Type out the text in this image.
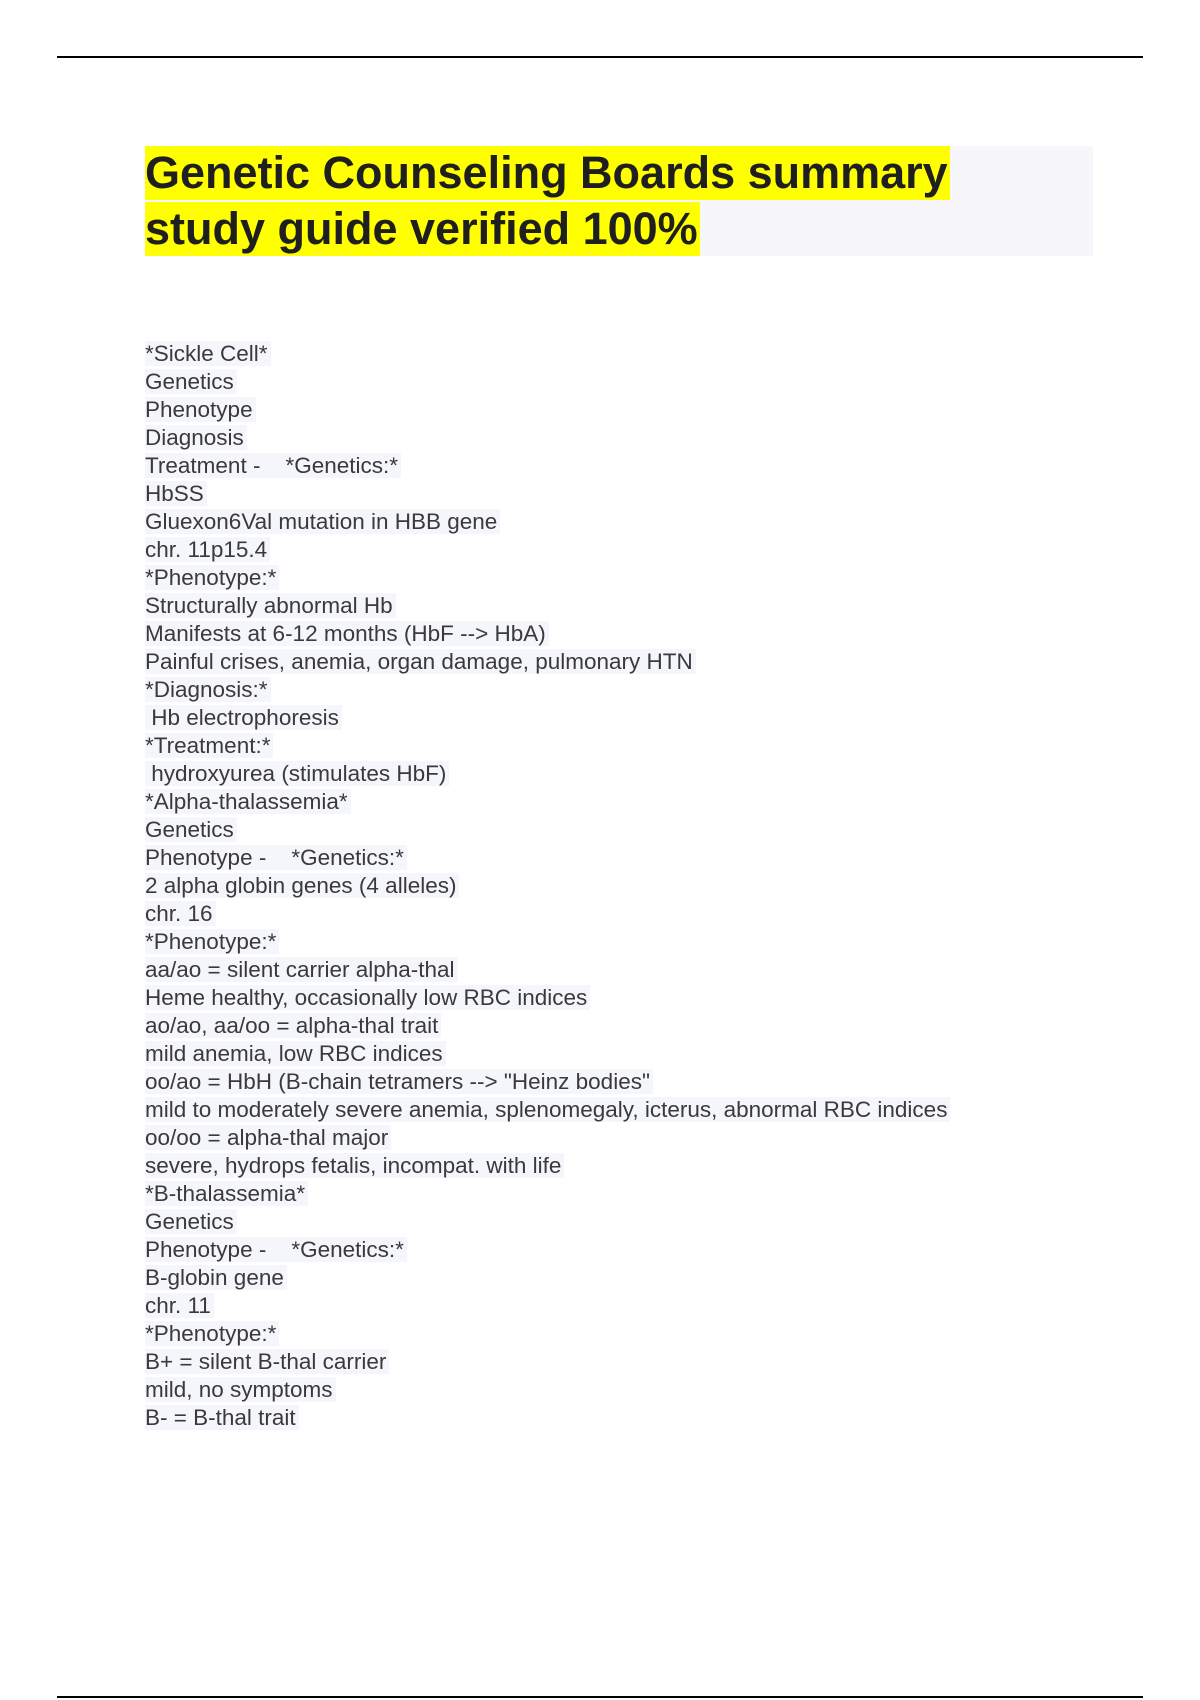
Genetic Counseling Boards summary
study guide verified 100%
*Sickle Cell*
Genetics
Phenotype
Diagnosis
Treatment -    *Genetics:*
HbSS
Gluexon6Val mutation in HBB gene
chr. 11p15.4
*Phenotype:*
Structurally abnormal Hb
Manifests at 6-12 months (HbF --> HbA)
Painful crises, anemia, organ damage, pulmonary HTN
*Diagnosis:*
Hb electrophoresis
*Treatment:*
hydroxyurea (stimulates HbF)
*Alpha-thalassemia*
Genetics
Phenotype -    *Genetics:*
2 alpha globin genes (4 alleles)
chr. 16
*Phenotype:*
aa/ao = silent carrier alpha-thal
Heme healthy, occasionally low RBC indices
ao/ao, aa/oo = alpha-thal trait
mild anemia, low RBC indices
oo/ao = HbH (B-chain tetramers --> "Heinz bodies"
mild to moderately severe anemia, splenomegaly, icterus, abnormal RBC indices
oo/oo = alpha-thal major
severe, hydrops fetalis, incompat. with life
*B-thalassemia*
Genetics
Phenotype -    *Genetics:*
B-globin gene
chr. 11
*Phenotype:*
B+ = silent B-thal carrier
mild, no symptoms
B- = B-thal trait
